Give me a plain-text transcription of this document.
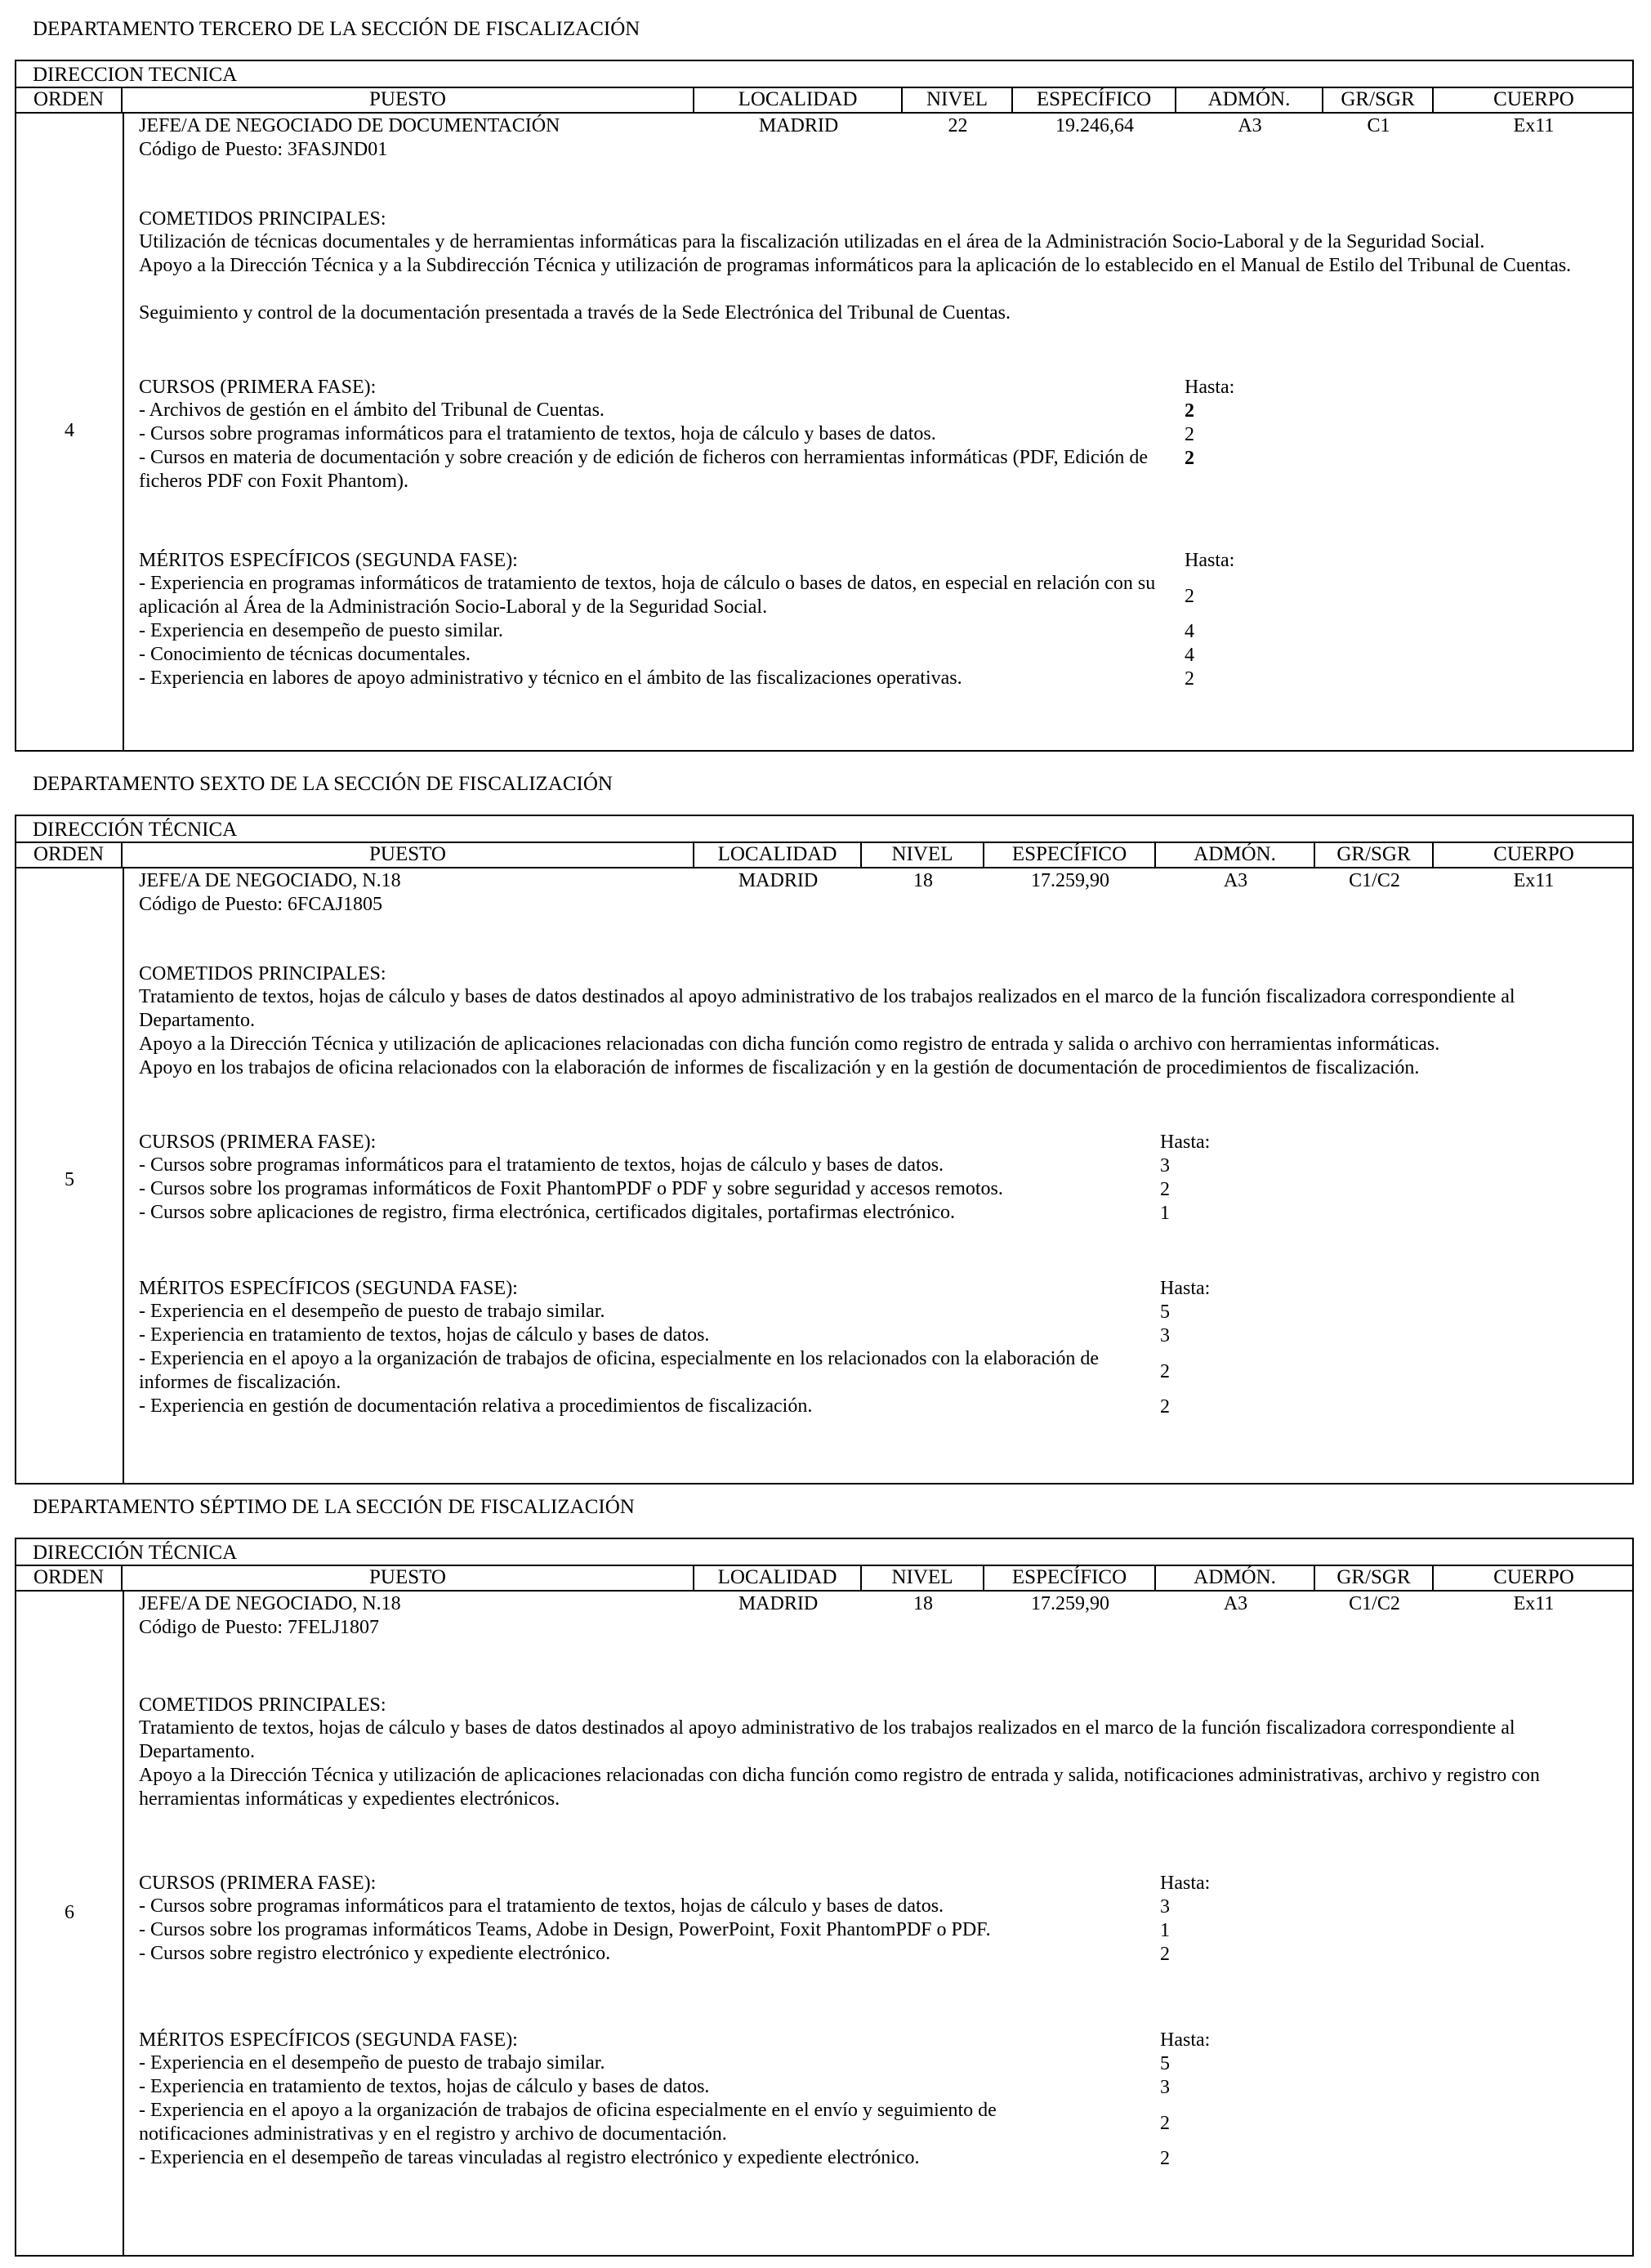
DEPARTAMENTO TERCERO DE LA SECCIÓN DE FISCALIZACIÓN
DIRECCION TECNICA
ORDEN	PUESTO	LOCALIDAD	NIVEL	ESPECÍFICO	ADMÓN.	GR/SGR	CUERPO
4
JEFE/A DE NEGOCIADO DE DOCUMENTACIÓN
Código de Puesto: 3FASJND01
MADRID	22	19.246,64	A3	C1	Ex11
COMETIDOS PRINCIPALES:
Utilización de técnicas documentales y de herramientas informáticas para la fiscalización utilizadas en el área de la Administración Socio-Laboral y de la Seguridad Social.
Apoyo a la Dirección Técnica y a la Subdirección Técnica y utilización de programas informáticos para la aplicación de lo establecido en el Manual de Estilo del Tribunal de Cuentas.
Seguimiento y control de la documentación presentada a través de la Sede Electrónica del Tribunal de Cuentas.
CURSOS (PRIMERA FASE):	Hasta:
- Archivos de gestión en el ámbito del Tribunal de Cuentas.	2
- Cursos sobre programas informáticos para el tratamiento de textos, hoja de cálculo y bases de datos.	2
- Cursos en materia de documentación y sobre creación y de edición de ficheros con herramientas informáticas (PDF, Edición de ficheros PDF con Foxit Phantom).
2
MÉRITOS ESPECÍFICOS (SEGUNDA FASE):	Hasta:
- Experiencia en programas informáticos de tratamiento de textos, hoja de cálculo o bases de datos, en especial en relación con su aplicación al Área de la Administración Socio-Laboral y de la Seguridad Social.	2
- Experiencia en desempeño de puesto similar.	4
- Conocimiento de técnicas documentales.	4
- Experiencia en labores de apoyo administrativo y técnico en el ámbito de las fiscalizaciones operativas.	2
DEPARTAMENTO SEXTO DE LA SECCIÓN DE FISCALIZACIÓN
DIRECCIÓN TÉCNICA
ORDEN	PUESTO	LOCALIDAD	NIVEL	ESPECÍFICO	ADMÓN.	GR/SGR	CUERPO
5
JEFE/A DE NEGOCIADO, N.18
Código de Puesto: 6FCAJ1805
MADRID	18	17.259,90	A3	C1/C2	Ex11
COMETIDOS PRINCIPALES:
Tratamiento de textos, hojas de cálculo y bases de datos destinados al apoyo administrativo de los trabajos realizados en el marco de la función fiscalizadora correspondiente al Departamento.
Apoyo a la Dirección Técnica y utilización de aplicaciones relacionadas con dicha función como registro de entrada y salida o archivo con herramientas informáticas.
Apoyo en los trabajos de oficina relacionados con la elaboración de informes de fiscalización y en la gestión de documentación de procedimientos de fiscalización.
CURSOS (PRIMERA FASE):	Hasta:
- Cursos sobre programas informáticos para el tratamiento de textos, hojas de cálculo y bases de datos.	3
- Cursos sobre los programas informáticos de Foxit PhantomPDF o PDF y sobre seguridad y accesos remotos.	2
- Cursos sobre aplicaciones de registro, firma electrónica, certificados digitales, portafirmas electrónico.	1
MÉRITOS ESPECÍFICOS (SEGUNDA FASE):	Hasta:
- Experiencia en el desempeño de puesto de trabajo similar.	5
- Experiencia en tratamiento de textos, hojas de cálculo y bases de datos.	3
- Experiencia en el apoyo a la organización de trabajos de oficina, especialmente en los relacionados con la elaboración de informes de fiscalización.	2
- Experiencia en gestión de documentación relativa a procedimientos de fiscalización.	2
DEPARTAMENTO SÉPTIMO DE LA SECCIÓN DE FISCALIZACIÓN
DIRECCIÓN TÉCNICA
ORDEN	PUESTO	LOCALIDAD	NIVEL	ESPECÍFICO	ADMÓN.	GR/SGR	CUERPO
6
JEFE/A DE NEGOCIADO, N.18
Código de Puesto: 7FELJ1807
MADRID	18	17.259,90	A3	C1/C2	Ex11
COMETIDOS PRINCIPALES:
Tratamiento de textos, hojas de cálculo y bases de datos destinados al apoyo administrativo de los trabajos realizados en el marco de la función fiscalizadora correspondiente al Departamento.
Apoyo a la Dirección Técnica y utilización de aplicaciones relacionadas con dicha función como registro de entrada y salida, notificaciones administrativas, archivo y registro con herramientas informáticas y expedientes electrónicos.
CURSOS (PRIMERA FASE):	Hasta:
- Cursos sobre programas informáticos para el tratamiento de textos, hojas de cálculo y bases de datos.	3
- Cursos sobre los programas informáticos Teams, Adobe in Design, PowerPoint, Foxit PhantomPDF o PDF.	1
- Cursos sobre registro electrónico y expediente electrónico.	2
MÉRITOS ESPECÍFICOS (SEGUNDA FASE):	Hasta:
- Experiencia en el desempeño de puesto de trabajo similar.	5
- Experiencia en tratamiento de textos, hojas de cálculo y bases de datos.	3
- Experiencia en el apoyo a la organización de trabajos de oficina especialmente en el envío y seguimiento de notificaciones administrativas y en el registro y archivo de documentación.	2
- Experiencia en el desempeño de tareas vinculadas al registro electrónico y expediente electrónico.	2
